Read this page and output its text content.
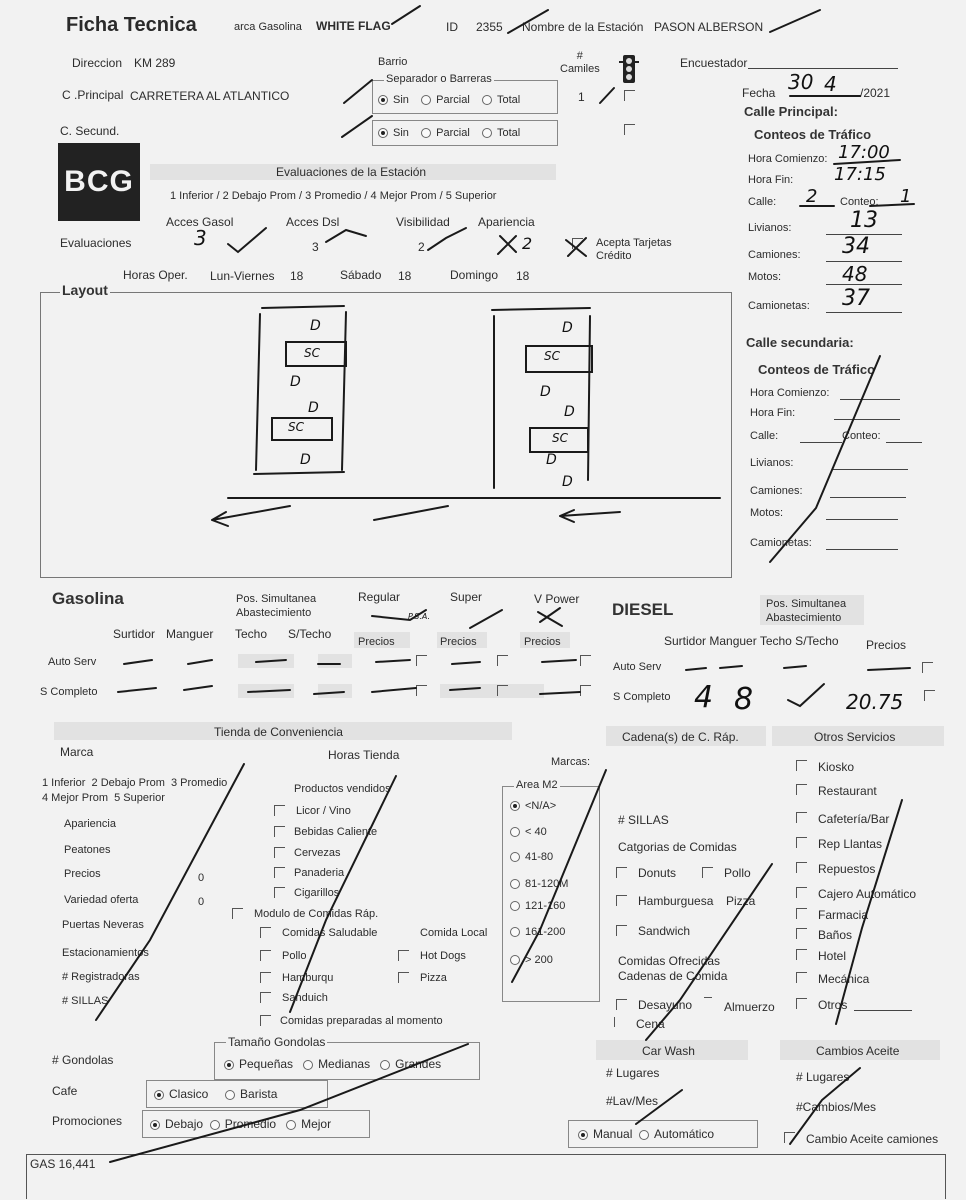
Ficha Tecnica	arca Gasolina WHITE FLAG	ID 2355 Nombre de la Estación PASON ALBERSON
Encuestador
Fecha 30 4 /2021
Direccion KM 289
C .Principal CARRETERA AL ATLANTICO
C. Secund.
Barrio
Separador o Barreras
Sin Parcial Total
Sin Parcial Total
#
Camiles
1
BCG	Evaluaciones de la Estación
1 Inferior / 2 Debajo Prom / 3 Promedio / 4 Mejor Prom / 5 Superior
Evaluaciones
Acces Gasol
3
Acces Dsl
3
Visibilidad
2
Apariencia
2	Acepta Tarjetas
Crédito
Horas Oper. Lun-Viernes 18	Sábado 18	Domingo 18
Layout
D
SC
D
D
SC
D
D
SC
D
D
SC
D
D
Calle Principal:
Conteos de Tráfico
Hora Comienzo: 17:00
Hora Fin: 17:15
Calle: 2 Conteo: 1
Livianos:	13
Camiones: 34
Motos:	48
Camionetas: 37
Calle secundaria:
Conteos de Tráfico
Hora Comienzo:
Hora Fin:
Calle:	Conteo:
Livianos:
Camiones:
Motos:
Camionetas:
Gasolina	Pos. Simultanea
Abastecimiento
Surtidor Manguer Techo S/Techo
Regular	Super	V Power
P.S.A.
Precios	Precios	Precios
Auto Serv
S Completo
DIESEL	Pos. Simultanea
Abastecimiento
Surtidor Manguer Techo S/Techo Precios
Auto Serv
S Completo 4 8	20.75
Tienda de Conveniencia
Marca	Horas Tienda
1 Inferior  2 Debajo Prom  3 Promedio
4 Mejor Prom  5 Superior
Productos vendidos
Apariencia
Peatones
Precios	0
Variedad oferta	0
Puertas Neveras
Estacionamientos
# Registradoras
# SILLAS
Licor / Vino
Bebidas Caliente
Cervezas
Panaderia
Cigarillos
Modulo de Comidas Ráp.
Comida Local
Comidas Saludable
Pollo
Hamburqu
Sanduich
Comidas preparadas al momento
Hot Dogs
Pizza
Marcas:
Area M2
<N/A>
< 40
41-80
81-120M
121-160
161-200
> 200
Cadena(s) de C. Ráp.
# SILLAS
Catgorias de Comidas
Donuts	Pollo
Hamburguesa Pizza
Sandwich
Comidas Ofrecidas
Cadenas de Comida
Desayuno	Almuerzo
Cena
Otros Servicios
Kiosko
Restaurant
Cafetería/Bar
Rep Llantas
Repuestos
Cajero Automático
Farmacia
Baños
Hotel
Mecánica
Otros
Tamaño Gondolas
Pequeñas Medianas Grandes
# Gondolas
Cafe	Clasico	Barista
Promociones	Debajo Promedio Mejor
Car Wash
# Lugares
#Lav/Mes
Manual Automático
Cambios Aceite
# Lugares
#Cambios/Mes
Cambio Aceite camiones
GAS 16,441
